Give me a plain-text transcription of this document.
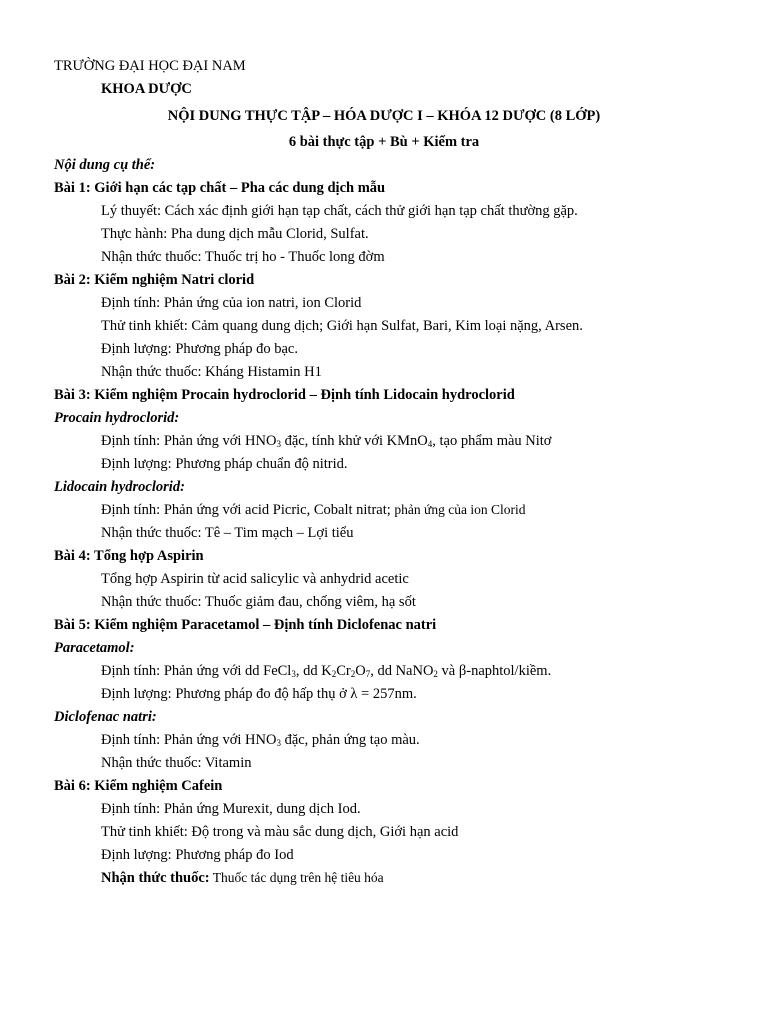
TRƯỜNG ĐẠI HỌC ĐẠI NAM
KHOA DƯỢC
NỘI DUNG THỰC TẬP – HÓA DƯỢC I – KHÓA 12 DƯỢC (8 LỚP)
6 bài thực tập + Bù + Kiểm tra
Nội dung cụ thể:
Bài 1: Giới hạn các tạp chất – Pha các dung dịch mẫu
Lý thuyết: Cách xác định giới hạn tạp chất, cách thử giới hạn tạp chất thường gặp.
Thực hành: Pha dung dịch mẫu Clorid, Sulfat.
Nhận thức thuốc: Thuốc trị ho - Thuốc long đờm
Bài 2: Kiểm nghiệm Natri clorid
Định tính: Phản ứng của ion natri, ion Clorid
Thử tinh khiết: Cảm quang dung dịch; Giới hạn Sulfat, Bari, Kim loại nặng, Arsen.
Định lượng: Phương pháp đo bạc.
Nhận thức thuốc: Kháng Histamin H1
Bài 3: Kiểm nghiệm Procain hydroclorid – Định tính Lidocain hydroclorid
Procain hydroclorid:
Định tính: Phản ứng với $HNO_3$ đặc, tính khử với KMnO$_4$, tạo phẩm màu Nitơ
Định lượng: Phương pháp chuẩn độ nitrid.
Lidocain hydroclorid:
Định tính: Phản ứng với acid Picric, Cobalt nitrat; phản ứng của ion Clorid
Nhận thức thuốc: Tê – Tim mạch – Lợi tiểu
Bài 4: Tổng hợp Aspirin
Tổng hợp Aspirin từ acid salicylic và anhydrid acetic
Nhận thức thuốc: Thuốc giảm đau, chống viêm, hạ sốt
Bài 5: Kiểm nghiệm Paracetamol – Định tính Diclofenac natri
Paracetamol:
Định tính: Phản ứng với dd FeCl$_3$, dd $K_2Cr_2O_7$, dd NaNO$_2$ và β-naphtol/kiềm.
Định lượng: Phương pháp đo độ hấp thụ ở λ = 257nm.
Diclofenac natri:
Định tính: Phản ứng với $HNO_3$ đặc, phản ứng tạo màu.
Nhận thức thuốc: Vitamin
Bài 6: Kiểm nghiệm Cafein
Định tính: Phản ứng Murexit, dung dịch Iod.
Thử tinh khiết: Độ trong và màu sắc dung dịch, Giới hạn acid
Định lượng: Phương pháp đo Iod
Nhận thức thuốc: Thuốc tác dụng trên hệ tiêu hóa
